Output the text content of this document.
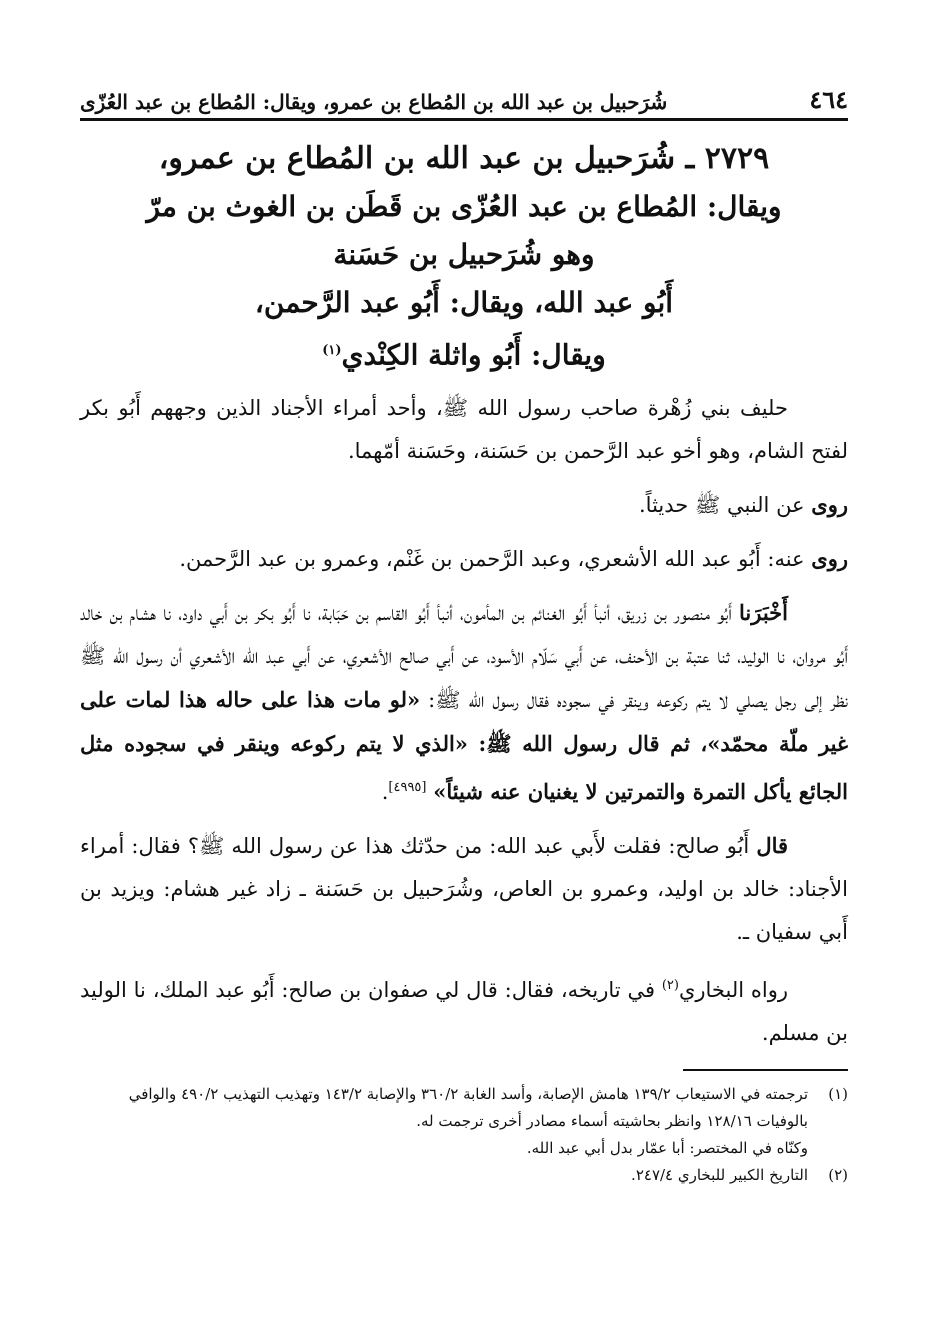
٤٦٤
شُرَحبيل بن عبد الله بن المُطاع بن عمرو، ويقال: المُطاع بن عبد العُزّى
٢٧٢٩ ـ شُرَحبيل بن عبد الله بن المُطاع بن عمرو،
ويقال: المُطاع بن عبد العُزّى بن قَطَن بن الغوث بن مرّ
وهو شُرَحبيل بن حَسَنة
أَبُو عبد الله، ويقال: أَبُو عبد الرَّحمن،
ويقال: أَبُو واثلة الكِنْدي$^{(١)}$

حليف بني زُهْرة صاحب رسول الله ﷺ، وأحد أمراء الأجناد الذين وجههم أَبُو بكر لفتح الشام، وهو أخو عبد الرَّحمن بن حَسَنة، وحَسَنة أمّهما.

روى عن النبي ﷺ حديثاً.

روى عنه: أَبُو عبد الله الأشعري، وعبد الرَّحمن بن غَنْم، وعمرو بن عبد الرَّحمن.

أَخْبَرَنا أَبُو منصور بن زريق، أنبأ أَبُو الغنائم بن المأمون، أنبأ أَبُو القاسم بن حَبَابة، نا أَبُو بكر بن أَبي داود، نا هشام بن خالد أَبُو مروان، نا الوليد، ثنا عتبة بن الأحنف، عن أَبي سَلّام الأسود، عن أَبي صالح الأشعري، عن أَبي عبد الله الأشعري أن رسول الله ﷺ نظر إلى رجل يصلي لا يتم ركوعه وينقر في سجوده فقال رسول الله ﷺ: «لو مات هذا على حاله هذا لمات على غير ملّة محمّد»، ثم قال رسول الله ﷺ: «الذي لا يتم ركوعه وينقر في سجوده مثل الجائع يأكل التمرة والتمرتين لا يغنيان عنه شيئاً» [٤٩٩٥].

قال أَبُو صالح: فقلت لأَبي عبد الله: من حدّثك هذا عن رسول الله ﷺ؟ فقال: أمراء الأجناد: خالد بن اوليد، وعمرو بن العاص، وشُرَحبيل بن حَسَنة ـ زاد غير هشام: ويزيد بن أَبي سفيان ـ.

رواه البخاري$^{(٢)}$ في تاريخه، فقال: قال لي صفوان بن صالح: أَبُو عبد الملك، نا الوليد بن مسلم.

(١)
ترجمته في الاستيعاب ١٣٩/٢ هامش الإصابة، وأسد الغابة ٣٦٠/٢ والإصابة ١٤٣/٢ وتهذيب التهذيب ٤٩٠/٢ والوافي بالوفيات ١٢٨/١٦ وانظر بحاشيته أسماء مصادر أخرى ترجمت له.
وكنّاه في المختصر: أبا عمّار بدل أبي عبد الله.
(٢)
التاريخ الكبير للبخاري ٢٤٧/٤.
